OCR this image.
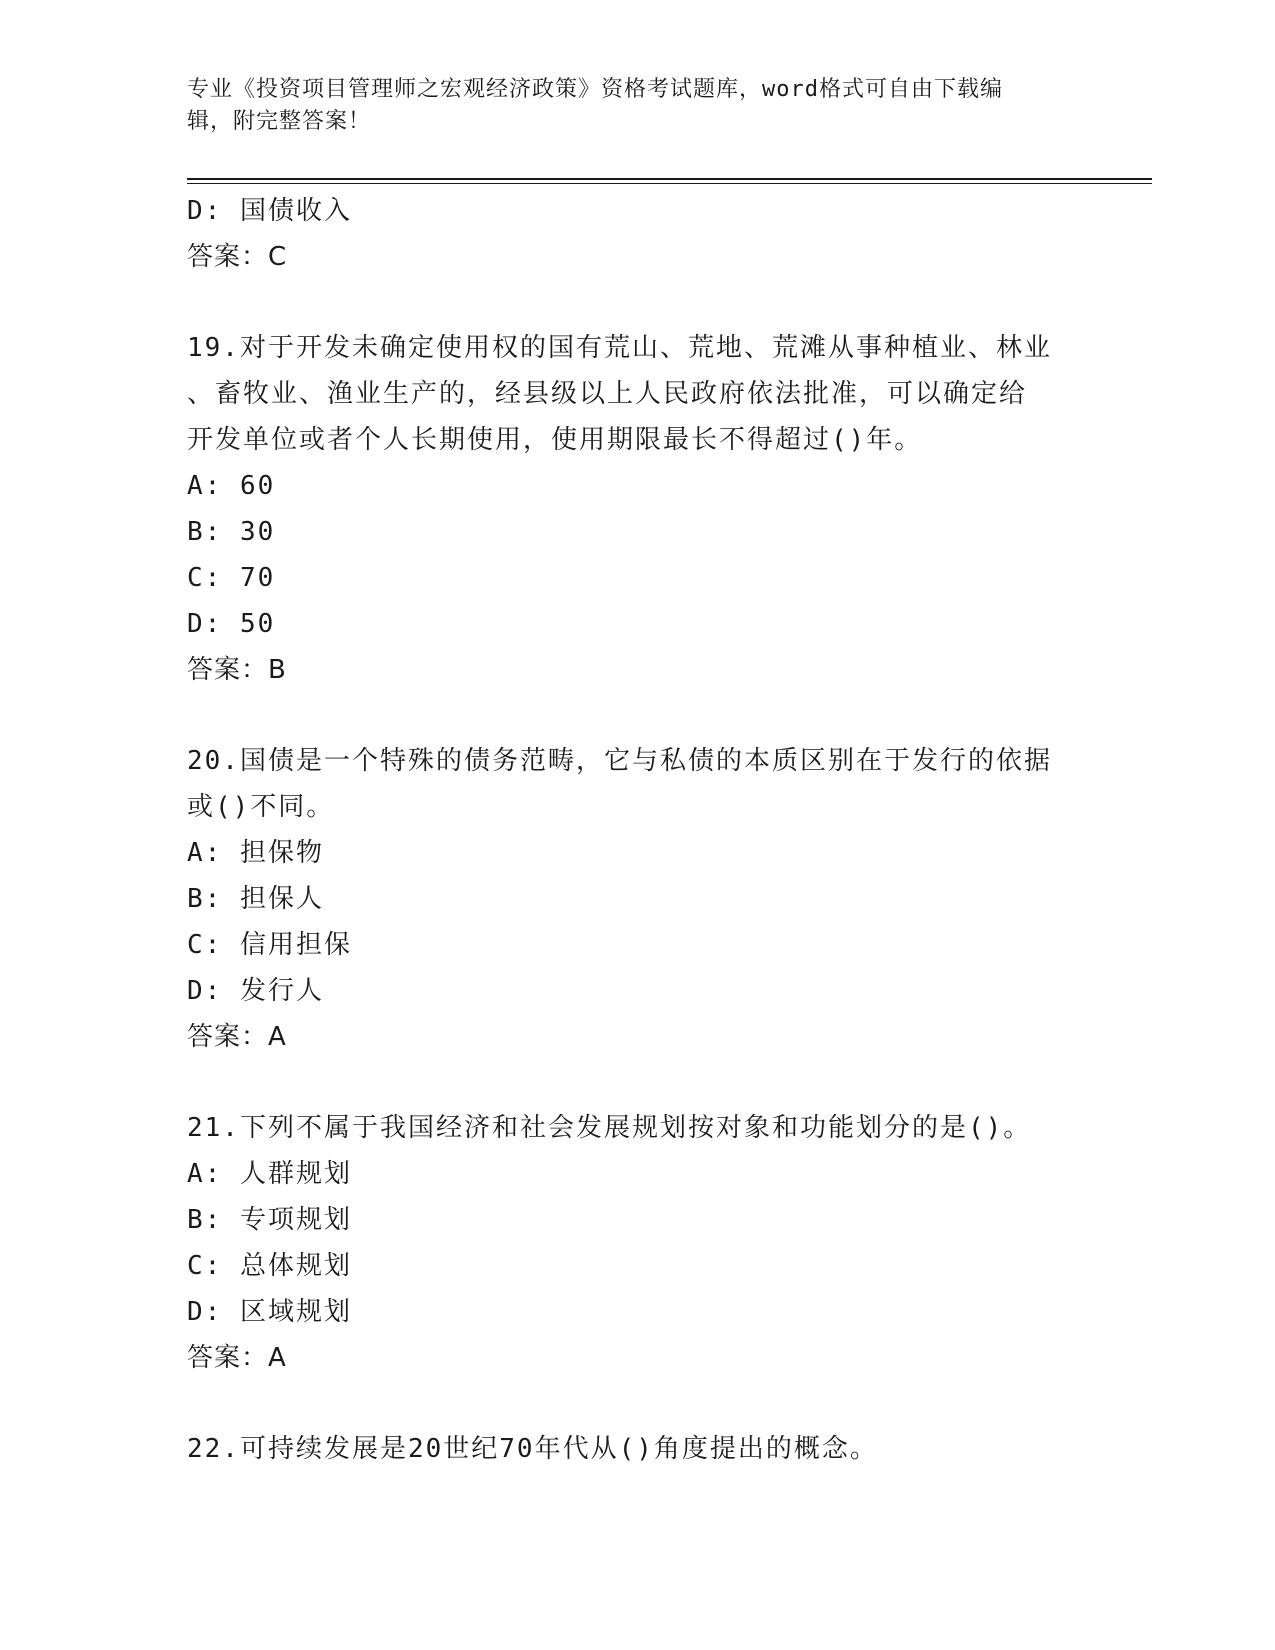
专业《投资项目管理师之宏观经济政策》资格考试题库，word格式可自由下载编
辑，附完整答案！
D: 国债收入
答案：C
19.对于开发未确定使用权的国有荒山、荒地、荒滩从事种植业、林业
、畜牧业、渔业生产的，经县级以上人民政府依法批准，可以确定给
开发单位或者个人长期使用，使用期限最长不得超过()年。
A: 60
B: 30
C: 70
D: 50
答案：B
20.国债是一个特殊的债务范畴，它与私债的本质区别在于发行的依据
或()不同。
A: 担保物
B: 担保人
C: 信用担保
D: 发行人
答案：A
21.下列不属于我国经济和社会发展规划按对象和功能划分的是()。
A: 人群规划
B: 专项规划
C: 总体规划
D: 区域规划
答案：A
22.可持续发展是20世纪70年代从()角度提出的概念。
